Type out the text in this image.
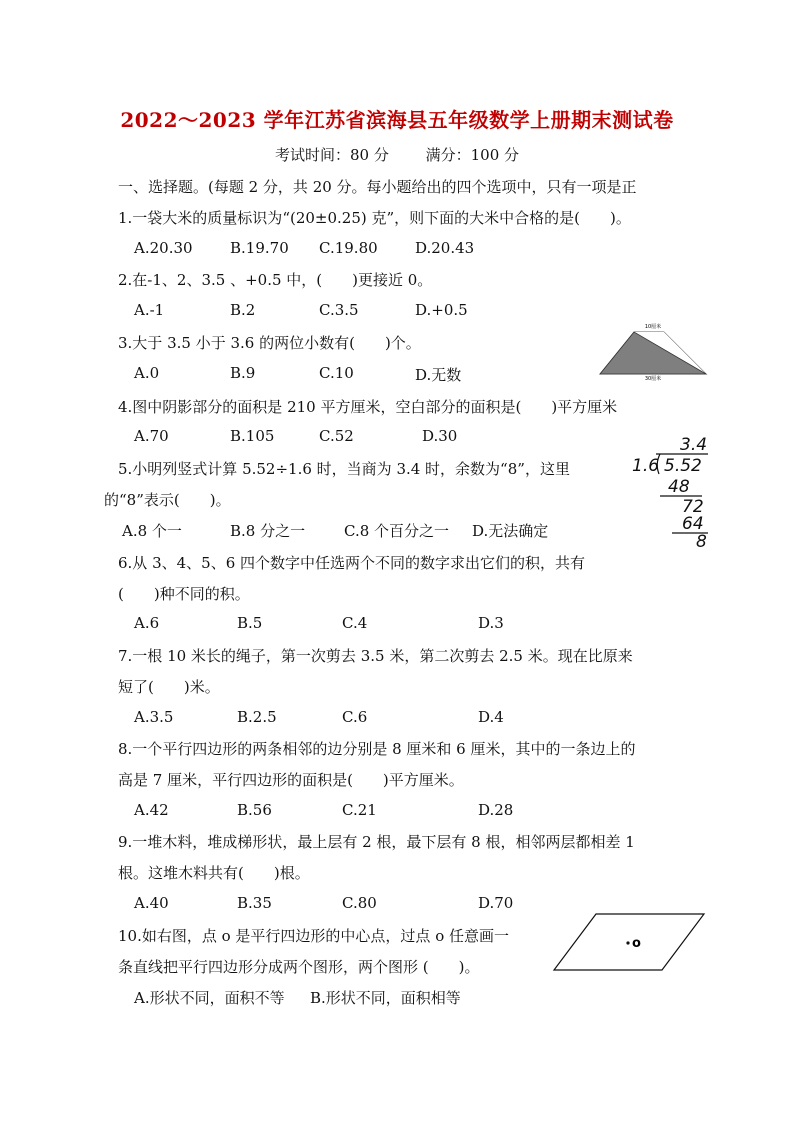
2022～2023 学年江苏省滨海县五年级数学上册期末测试卷
考试时间：80 分 满分：100 分
一、选择题。(每题 2 分，共 20 分。每小题给出的四个选项中，只有一项是正
1.一袋大米的质量标识为“(20±0.25) 克”，则下面的大米中合格的是(　　)。
A.20.30 B.19.70 C.19.80 D.20.43
2.在-1、2、3.5 、+0.5 中，(　　)更接近 0。
A.-1	B.2	C.3.5	D.+0.5
3.大于 3.5 小于 3.6 的两位小数有(　　)个。
A.0	B.9	C.10	D.无数
10厘米
30厘米
4.图中阴影部分的面积是 210 平方厘米，空白部分的面积是(　　)平方厘米
A.70	B.105	C.52	D.30	3.4
1.6 5.52
48
72
64
8
5.小明列竖式计算 5.52÷1.6 时，当商为 3.4 时，余数为“8”，这里
的“8”表示(　　)。
A.8 个一	B.8 分之一	C.8 个百分之一 D.无法确定
6.从 3、4、5、6 四个数字中任选两个不同的数字求出它们的积，共有
(　　)种不同的积。
A.6	B.5	C.4	D.3
7.一根 10 米长的绳子，第一次剪去 3.5 米，第二次剪去 2.5 米。现在比原来
短了(　　)米。
A.3.5	B.2.5	C.6	D.4
8.一个平行四边形的两条相邻的边分别是 8 厘米和 6 厘米，其中的一条边上的
高是 7 厘米，平行四边形的面积是(　　)平方厘米。
A.42	B.56	C.21	D.28
9.一堆木料，堆成梯形状，最上层有 2 根，最下层有 8 根，相邻两层都相差 1
根。这堆木料共有(　　)根。
A.40	B.35	C.80	D.70
o
10.如右图，点 o 是平行四边形的中心点，过点 o 任意画一
条直线把平行四边形分成两个图形，两个图形 (　　)。
A.形状不同，面积不等 B.形状不同，面积相等
